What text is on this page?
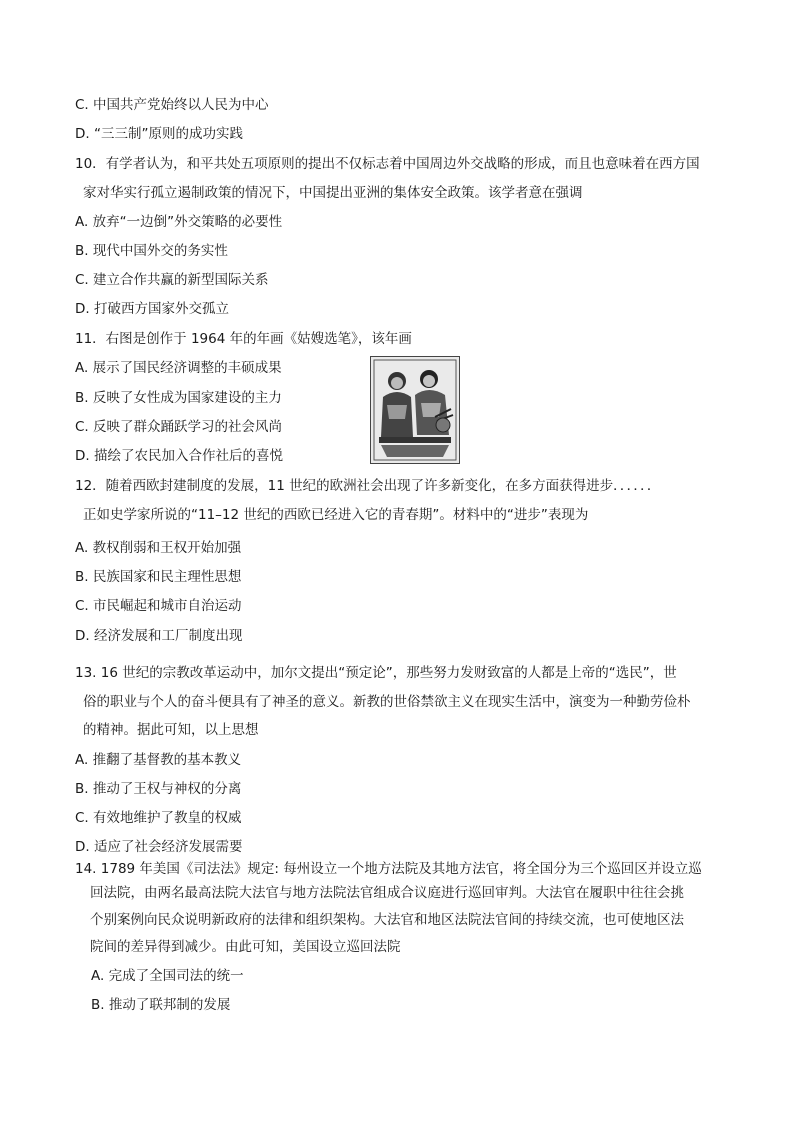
C. 中国共产党始终以人民为中心
D. “三三制”原则的成功实践
10．有学者认为，和平共处五项原则的提出不仅标志着中国周边外交战略的形成，而且也意味着在西方国
家对华实行孤立遏制政策的情况下，中国提出亚洲的集体安全政策。该学者意在强调
A. 放弃“一边倒”外交策略的必要性
B. 现代中国外交的务实性
C. 建立合作共赢的新型国际关系
D. 打破西方国家外交孤立
11．右图是创作于 1964 年的年画《姑嫂选笔》，该年画
A. 展示了国民经济调整的丰硕成果
B. 反映了女性成为国家建设的主力
C. 反映了群众踊跃学习的社会风尚
D. 描绘了农民加入合作社后的喜悦
12．随着西欧封建制度的发展，11 世纪的欧洲社会出现了许多新变化，在多方面获得进步．．．．．．
正如史学家所说的“11–12 世纪的西欧已经进入它的青春期”。材料中的“进步”表现为
A. 教权削弱和王权开始加强
B. 民族国家和民主理性思想
C. 市民崛起和城市自治运动
D. 经济发展和工厂制度出现
13. 16 世纪的宗教改革运动中，加尔文提出“预定论”，那些努力发财致富的人都是上帝的“选民”，世
俗的职业与个人的奋斗便具有了神圣的意义。新教的世俗禁欲主义在现实生活中，演变为一种勤劳俭朴
的精神。据此可知，以上思想
A. 推翻了基督教的基本教义
B. 推动了王权与神权的分离
C. 有效地维护了教皇的权威
D. 适应了社会经济发展需要
14. 1789 年美国《司法法》规定: 每州设立一个地方法院及其地方法官，将全国分为三个巡回区并设立巡
回法院，由两名最高法院大法官与地方法院法官组成合议庭进行巡回审判。大法官在履职中往往会挑
个别案例向民众说明新政府的法律和组织架构。大法官和地区法院法官间的持续交流，也可使地区法
院间的差异得到减少。由此可知，美国设立巡回法院
A. 完成了全国司法的统一
B. 推动了联邦制的发展
